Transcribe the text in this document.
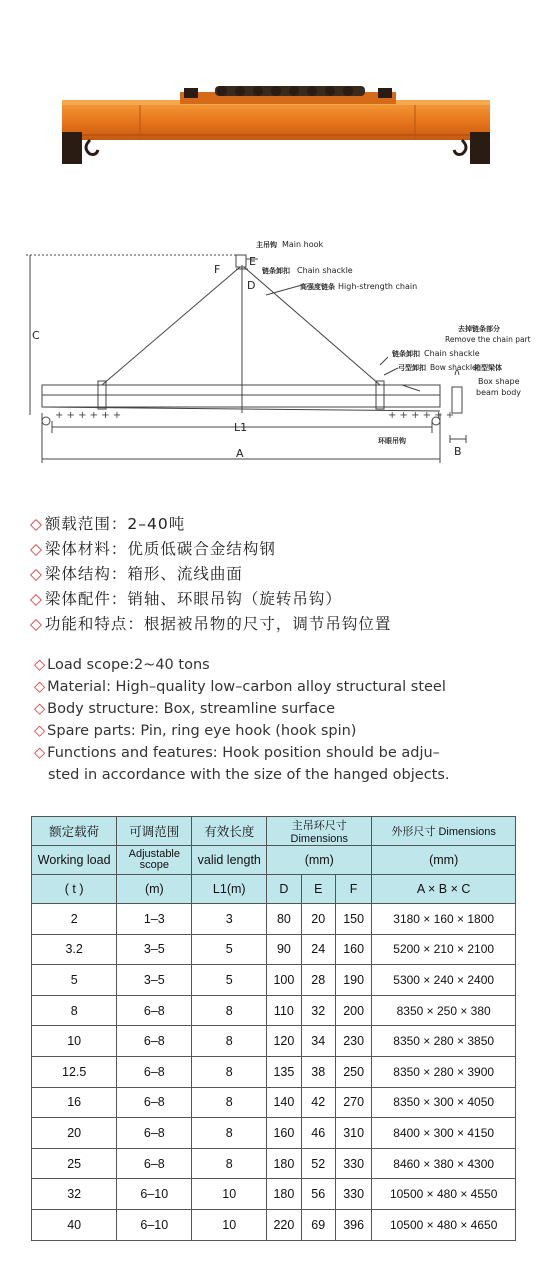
+ + + + + +	+ + + + + +
主吊钩 Main hook
F
E
D
链条卸扣 Chain shackle
高强度链条 High-strength chain
C	去掉链条部分
Remove the chain part
链条卸扣 Chain shackle
弓型卸扣 Bow shackle
箱型梁体
Box shape
beam body
L1
环眼吊钩
A	B
◇ 额载范围：2–40吨
◇ 梁体材料：优质低碳合金结构钢
◇ 梁体结构：箱形、流线曲面
◇ 梁体配件：销轴、环眼吊钩（旋转吊钩）
◇ 功能和特点：根据被吊物的尺寸，调节吊钩位置
◇ Load scope:2~40 tons
◇ Material: High–quality low–carbon alloy structural steel
◇ Body structure: Box, streamline surface
◇ Spare parts: Pin, ring eye hook (hook spin)
◇ Functions and features: Hook position should be adju–
sted in accordance with the size of the hanged objects.
额定载荷	可调范围	有效长度	主吊环尺寸 Dimensions			外形尺寸 Dimensions
Working load	Adjustable scope	valid length	(mm)			(mm)
( t )	(m)	L1(m)	D	E	F	A × B × C
2	1–3	3	80	20	150	3180 × 160 × 1800
3.2	3–5	5	90	24	160	5200 × 210 × 2100
5	3–5	5	100	28	190	5300 × 240 × 2400
8	6–8	8	110	32	200	8350 × 250 × 380
10	6–8	8	120	34	230	8350 × 280 × 3850
12.5	6–8	8	135	38	250	8350 × 280 × 3900
16	6–8	8	140	42	270	8350 × 300 × 4050
20	6–8	8	160	46	310	8400 × 300 × 4150
25	6–8	8	180	52	330	8460 × 380 × 4300
32	6–10	10	180	56	330	10500 × 480 × 4550
40	6–10	10	220	69	396	10500 × 480 × 4650
